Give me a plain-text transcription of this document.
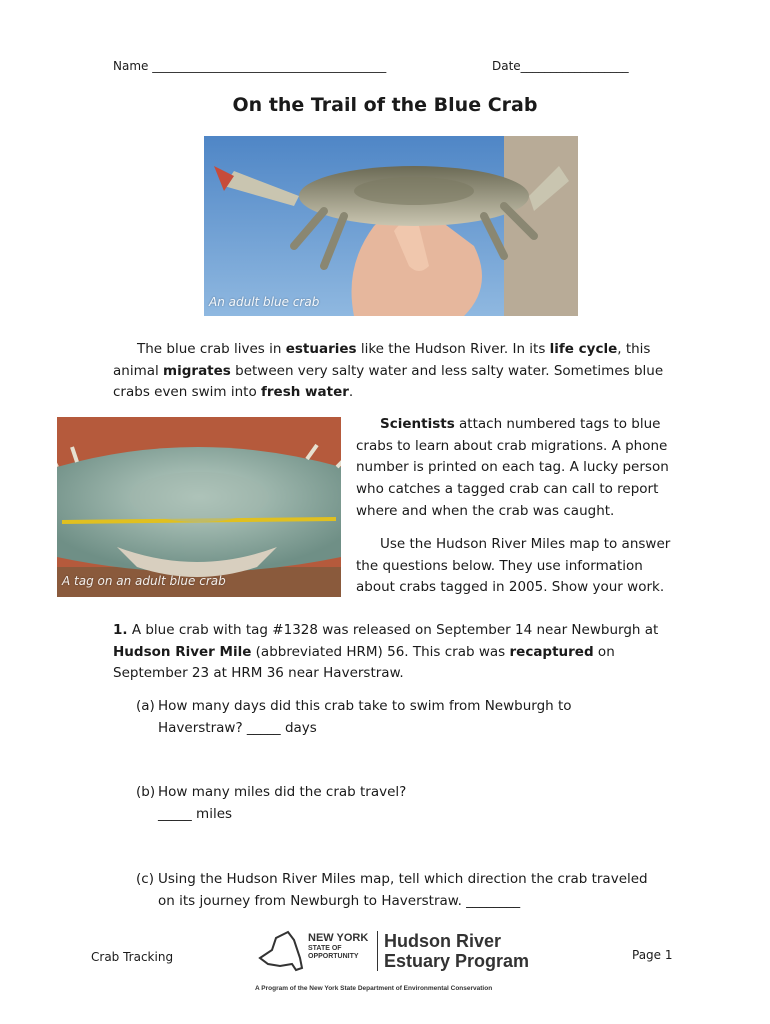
Name _______________________________________	Date__________________
On the Trail of the Blue Crab
An adult blue crab
The blue crab lives in estuaries like the Hudson River. In its life cycle, this animal migrates between very salty water and less salty water. Sometimes blue crabs even swim into fresh water.
A tag on an adult blue crab
Scientists attach numbered tags to blue crabs to learn about crab migrations. A phone number is printed on each tag. A lucky person who catches a tagged crab can call to report where and when the crab was caught.
Use the Hudson River Miles map to answer the questions below. They use information about crabs tagged in 2005. Show your work.
1. A blue crab with tag #1328 was released on September 14 near Newburgh at Hudson River Mile (abbreviated HRM) 56. This crab was recaptured on September 23 at HRM 36 near Haverstraw.
(a) How many days did this crab take to swim from Newburgh to
Haverstraw? _____ days
(b) How many miles did the crab travel?
_____ miles
(c) Using the Hudson River Miles map, tell which direction the crab traveled
on its journey from Newburgh to Haverstraw. ________
Crab Tracking	Page 1
NEW YORK
STATE OF
OPPORTUNITY
Hudson River
Estuary Program
A Program of the New York State Department of Environmental Conservation
